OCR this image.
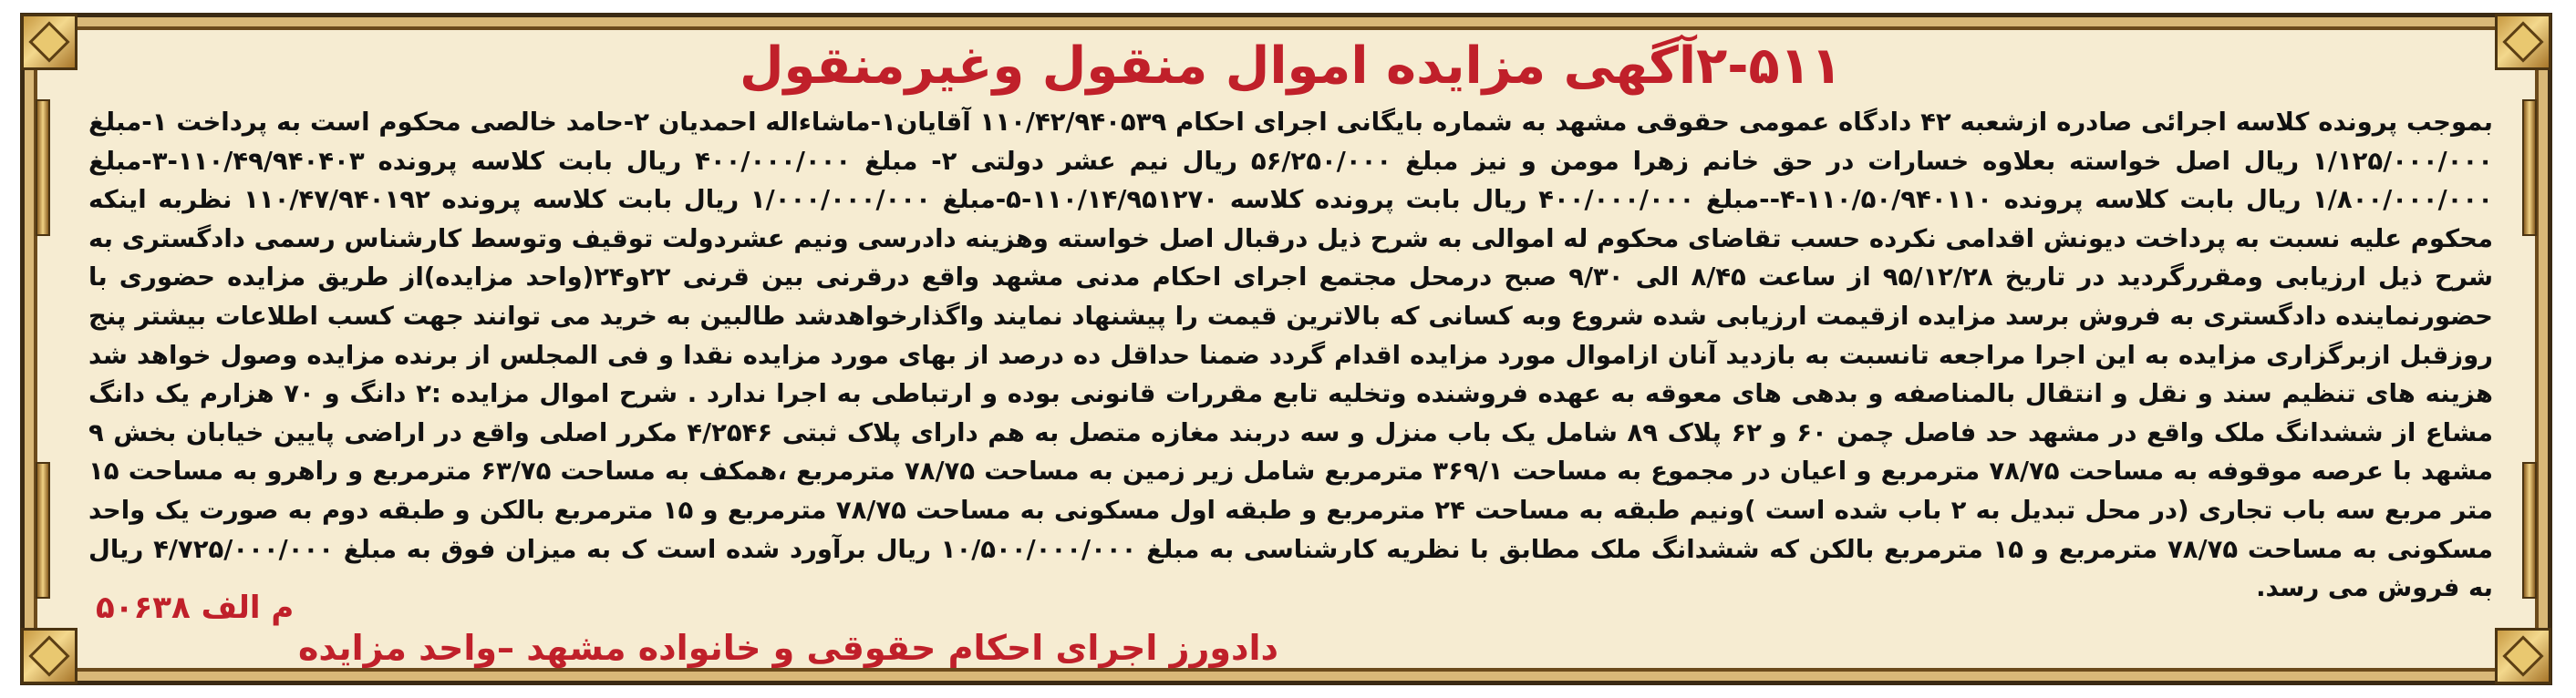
۲-۵۱۱آگهی مزایده اموال منقول وغیرمنقول

بموجب پرونده کلاسه اجرائی صادره ازشعبه ۴۲ دادگاه عمومی حقوقی مشهد به شماره بایگانی اجرای احکام ۱۱۰/۴۲/۹۴۰۵۳۹ آقایان۱-ماشاءاله احمدیان ۲-حامد خالصی محکوم است به پرداخت ۱-مبلغ ۱/۱۲۵/۰۰۰/۰۰۰ ریال اصل خواسته بعلاوه خسارات در حق خانم زهرا مومن و نیز مبلغ ۵۶/۲۵۰/۰۰۰ ریال نیم عشر دولتی ۲- مبلغ ۴۰۰/۰۰۰/۰۰۰ ریال بابت کلاسه پرونده ۱۱۰/۴۹/۹۴۰۴۰۳-۳-مبلغ ۱/۸۰۰/۰۰۰/۰۰۰ ریال بابت کلاسه پرونده ۱۱۰/۵۰/۹۴۰۱۱۰-۴--مبلغ ۴۰۰/۰۰۰/۰۰۰ ریال بابت پرونده کلاسه ۱۱۰/۱۴/۹۵۱۲۷۰-۵-مبلغ ۱/۰۰۰/۰۰۰/۰۰۰ ریال بابت کلاسه پرونده ۱۱۰/۴۷/۹۴۰۱۹۲ نظربه اینکه محکوم علیه نسبت به پرداخت دیونش اقدامی نکرده حسب تقاضای محکوم له اموالی به شرح ذیل درقبال اصل خواسته وهزینه دادرسی ونیم عشردولت توقیف وتوسط کارشناس رسمی دادگستری به شرح ذیل ارزیابی ومقررگردید در تاریخ ۹۵/۱۲/۲۸ از ساعت ۸/۴۵ الی ۹/۳۰ صبح درمحل مجتمع اجرای احکام مدنی مشهد واقع درقرنی بین قرنی ۲۲و۲۴(واحد مزایده)از طریق مزایده حضوری با حضورنماینده دادگستری به فروش برسد مزایده ازقیمت ارزیابی شده شروع وبه کسانی که بالاترین قیمت را پیشنهاد نمایند واگذارخواهدشد طالبین به خرید می توانند جهت کسب اطلاعات بیشتر پنج روزقبل ازبرگزاری مزایده به این اجرا مراجعه تانسبت به بازدید آنان ازاموال مورد مزایده اقدام گردد ضمنا حداقل ده درصد از بهای مورد مزایده نقدا و فی المجلس از برنده مزایده وصول خواهد شد هزینه های تنظیم سند و نقل و انتقال بالمناصفه و بدهی های معوقه به عهده فروشنده وتخلیه تابع مقررات قانونی بوده و ارتباطی به اجرا ندارد . شرح اموال مزایده :۲ دانگ و ۷۰ هزارم یک دانگ مشاع از ششدانگ ملک واقع در مشهد حد فاصل چمن ۶۰ و ۶۲ پلاک ۸۹ شامل یک باب منزل و سه دربند مغازه متصل به هم دارای پلاک ثبتی ۴/۲۵۴۶ مکرر اصلی واقع در اراضی پایین خیابان بخش ۹ مشهد با عرصه موقوفه به مساحت ۷۸/۷۵ مترمربع و اعیان در مجموع به مساحت ۳۶۹/۱ مترمربع شامل زیر زمین به مساحت ۷۸/۷۵ مترمربع ،همکف به مساحت ۶۳/۷۵ مترمربع و راهرو به مساحت ۱۵ متر مربع سه باب تجاری (در محل تبدیل به ۲ باب شده است )ونیم طبقه به مساحت ۲۴ مترمربع و طبقه اول مسکونی به مساحت ۷۸/۷۵ مترمربع و ۱۵ مترمربع بالکن و طبقه دوم به صورت یک واحد مسکونی به مساحت ۷۸/۷۵ مترمربع و ۱۵ مترمربع بالکن که ششدانگ ملک مطابق با نظریه کارشناسی به مبلغ ۱۰/۵۰۰/۰۰۰/۰۰۰ ریال برآورد شده است ک به میزان فوق به مبلغ ۴/۷۲۵/۰۰۰/۰۰۰ ریال به فروش می رسد.

دادورز اجرای احکام حقوقی و خانواده مشهد –واحد مزایده
م الف ۵۰۶۳۸
